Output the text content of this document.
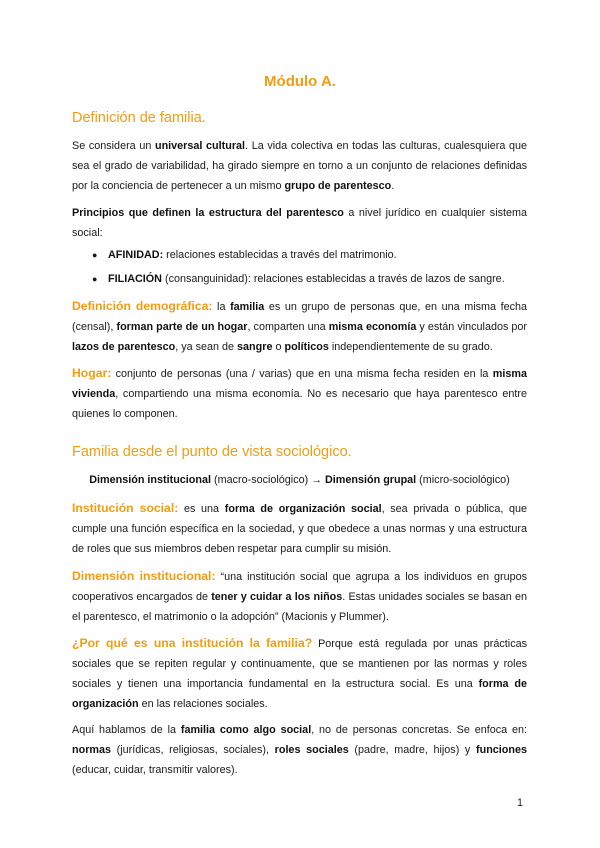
Módulo A.
Definición de familia.
Se considera un universal cultural. La vida colectiva en todas las culturas, cualesquiera que sea el grado de variabilidad, ha girado siempre en torno a un conjunto de relaciones definidas por la conciencia de pertenecer a un mismo grupo de parentesco.
Principios que definen la estructura del parentesco a nivel jurídico en cualquier sistema social:
● AFINIDAD: relaciones establecidas a través del matrimonio.
● FILIACIÓN (consanguinidad): relaciones establecidas a través de lazos de sangre.
Definición demográfica: la familia es un grupo de personas que, en una misma fecha (censal), forman parte de un hogar, comparten una misma economía y están vinculados por lazos de parentesco, ya sean de sangre o políticos independientemente de su grado.
Hogar: conjunto de personas (una / varias) que en una misma fecha residen en la misma vivienda, compartiendo una misma economía. No es necesario que haya parentesco entre quienes lo componen.
Familia desde el punto de vista sociológico.
Dimensión institucional (macro-sociológico) → Dimensión grupal (micro-sociológico)
Institución social: es una forma de organización social, sea privada o pública, que cumple una función específica en la sociedad, y que obedece a unas normas y una estructura de roles que sus miembros deben respetar para cumplir su misión.
Dimensión institucional: “una institución social que agrupa a los individuos en grupos cooperativos encargados de tener y cuidar a los niños. Estas unidades sociales se basan en el parentesco, el matrimonio o la adopción” (Macionis y Plummer).
¿Por qué es una institución la familia? Porque está regulada por unas prácticas sociales que se repiten regular y continuamente, que se mantienen por las normas y roles sociales y tienen una importancia fundamental en la estructura social. Es una forma de organización en las relaciones sociales.
Aquí hablamos de la familia como algo social, no de personas concretas. Se enfoca en: normas (jurídicas, religiosas, sociales), roles sociales (padre, madre, hijos) y funciones (educar, cuidar, transmitir valores).
1
